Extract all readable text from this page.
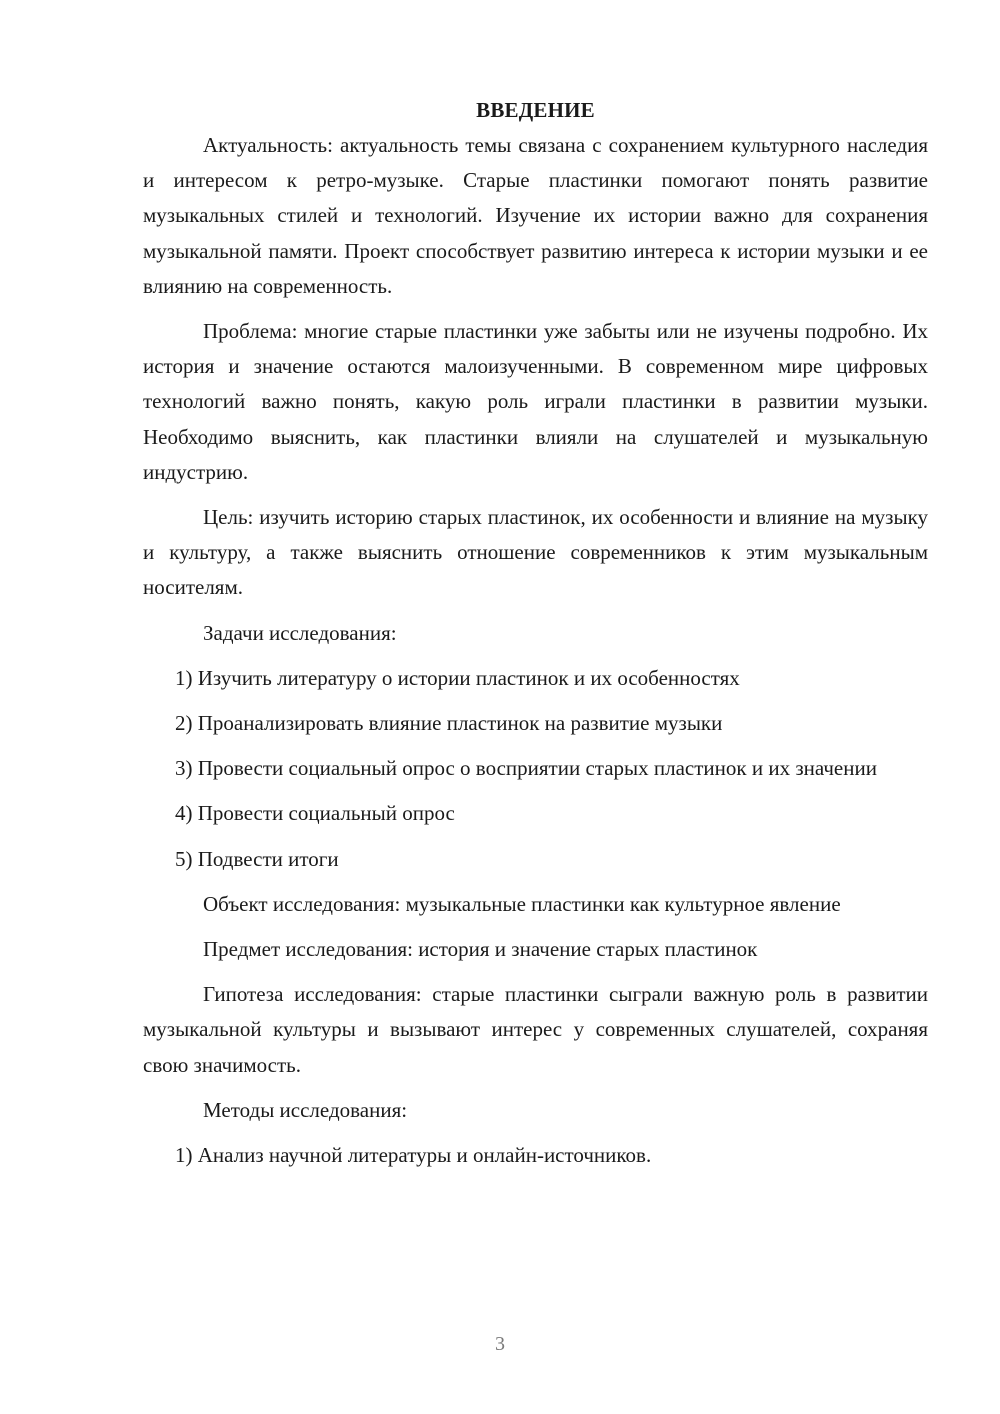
ВВЕДЕНИЕ

Актуальность: актуальность темы связана с сохранением культурного наследия и интересом к ретро-музыке. Старые пластинки помогают понять развитие музыкальных стилей и технологий. Изучение их истории важно для сохранения музыкальной памяти. Проект способствует развитию интереса к истории музыки и ее влиянию на современность.

Проблема: многие старые пластинки уже забыты или не изучены подробно. Их история и значение остаются малоизученными. В современном мире цифровых технологий важно понять, какую роль играли пластинки в развитии музыки. Необходимо выяснить, как пластинки влияли на слушателей и музыкальную индустрию.

Цель: изучить историю старых пластинок, их особенности и влияние на музыку и культуру, а также выяснить отношение современников к этим музыкальным носителям.

Задачи исследования:

1) Изучить литературу о истории пластинок и их особенностях

2) Проанализировать влияние пластинок на развитие музыки

3) Провести социальный опрос о восприятии старых пластинок и их значении

4) Провести социальный опрос

5) Подвести итоги

Объект исследования: музыкальные пластинки как культурное явление

Предмет исследования: история и значение старых пластинок

Гипотеза исследования: старые пластинки сыграли важную роль в развитии музыкальной культуры и вызывают интерес у современных слушателей, сохраняя свою значимость.

Методы исследования:

1) Анализ научной литературы и онлайн-источников.

3
